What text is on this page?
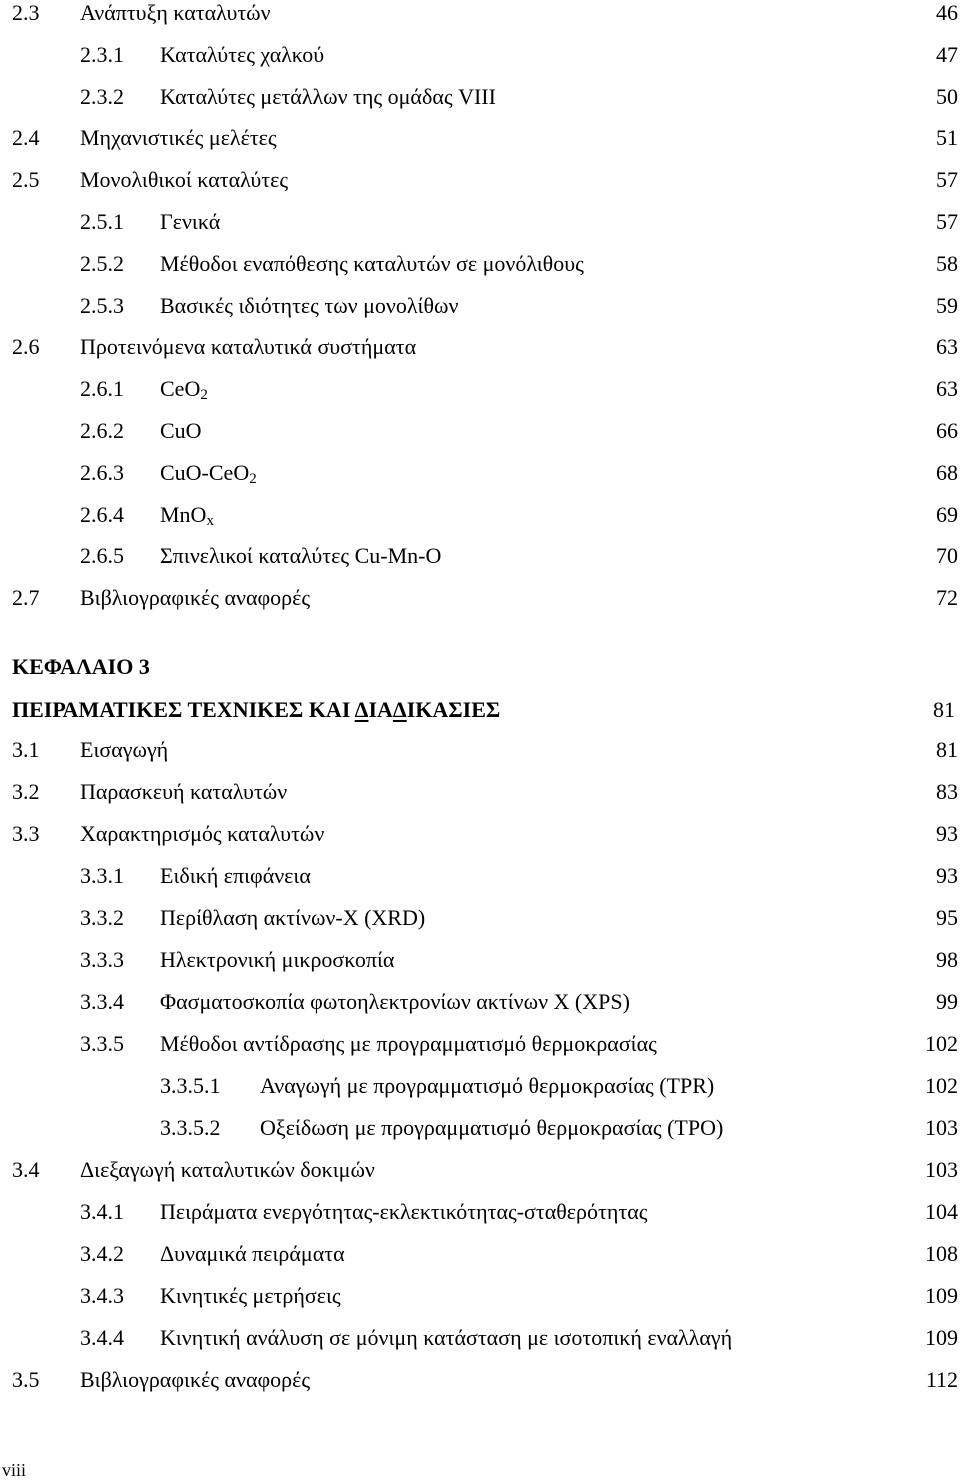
2.3 Ανάπτυξη καταλυτών	46
2.3.1 Καταλύτες χαλκού	47
2.3.2 Καταλύτες μετάλλων της ομάδας VIII	50
2.4 Μηχανιστικές μελέτες	51
2.5 Μονολιθικοί καταλύτες	57
2.5.1 Γενικά	57
2.5.2 Μέθοδοι εναπόθεσης καταλυτών σε μονόλιθους	58
2.5.3 Βασικές ιδιότητες των μονολίθων	59
2.6 Προτεινόμενα καταλυτικά συστήματα	63
2.6.1 CeO$_2$	63
2.6.2 CuO	66
2.6.3 CuO-CeO$_2$	68
2.6.4 MnO$_x$	69
2.6.5 Σπινελικοί καταλύτες Cu-Mn-O	70
2.7 Βιβλιογραφικές αναφορές	72
ΚΕΦΑΛΑΙΟ 3
ΠΕΙΡΑΜΑΤΙΚΕΣ ΤΕΧΝΙΚΕΣ ΚΑΙ ΔΙΑΔΙΚΑΣΙΕΣ	81
3.1 Εισαγωγή	81
3.2 Παρασκευή καταλυτών	83
3.3 Χαρακτηρισμός καταλυτών	93
3.3.1 Ειδική επιφάνεια	93
3.3.2 Περίθλαση ακτίνων-Χ (XRD)	95
3.3.3 Ηλεκτρονική μικροσκοπία	98
3.3.4 Φασματοσκοπία φωτοηλεκτρονίων ακτίνων Χ (XPS)	99
3.3.5 Μέθοδοι αντίδρασης με προγραμματισμό θερμοκρασίας	102
3.3.5.1 Αναγωγή με προγραμματισμό θερμοκρασίας (TPR)	102
3.3.5.2 Οξείδωση με προγραμματισμό θερμοκρασίας (TPO)	103
3.4 Διεξαγωγή καταλυτικών δοκιμών	103
3.4.1 Πειράματα ενεργότητας-εκλεκτικότητας-σταθερότητας	104
3.4.2 Δυναμικά πειράματα	108
3.4.3 Κινητικές μετρήσεις	109
3.4.4 Κινητική ανάλυση σε μόνιμη κατάσταση με ισοτοπική εναλλαγή	109
3.5 Βιβλιογραφικές αναφορές	112
viii
